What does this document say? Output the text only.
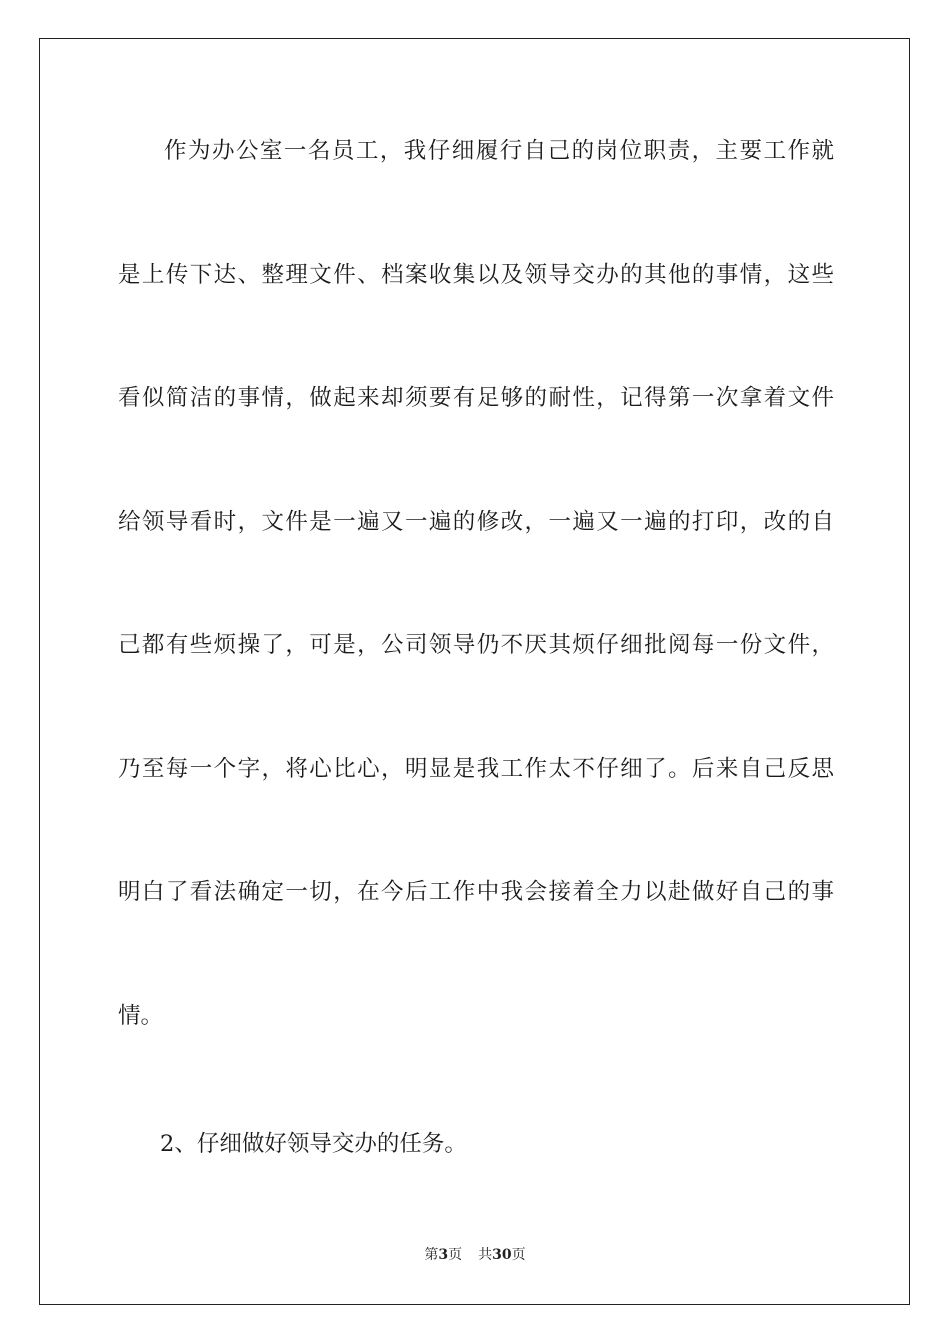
作为办公室一名员工，我仔细履行自己的岗位职责，主要工作就
是上传下达、整理文件、档案收集以及领导交办的其他的事情，这些
看似简洁的事情，做起来却须要有足够的耐性，记得第一次拿着文件
给领导看时，文件是一遍又一遍的修改，一遍又一遍的打印，改的自
己都有些烦操了，可是，公司领导仍不厌其烦仔细批阅每一份文件，
乃至每一个字，将心比心，明显是我工作太不仔细了。后来自己反思
明白了看法确定一切，在今后工作中我会接着全力以赴做好自己的事
情。
2、仔细做好领导交办的任务。
第3页 共30页
